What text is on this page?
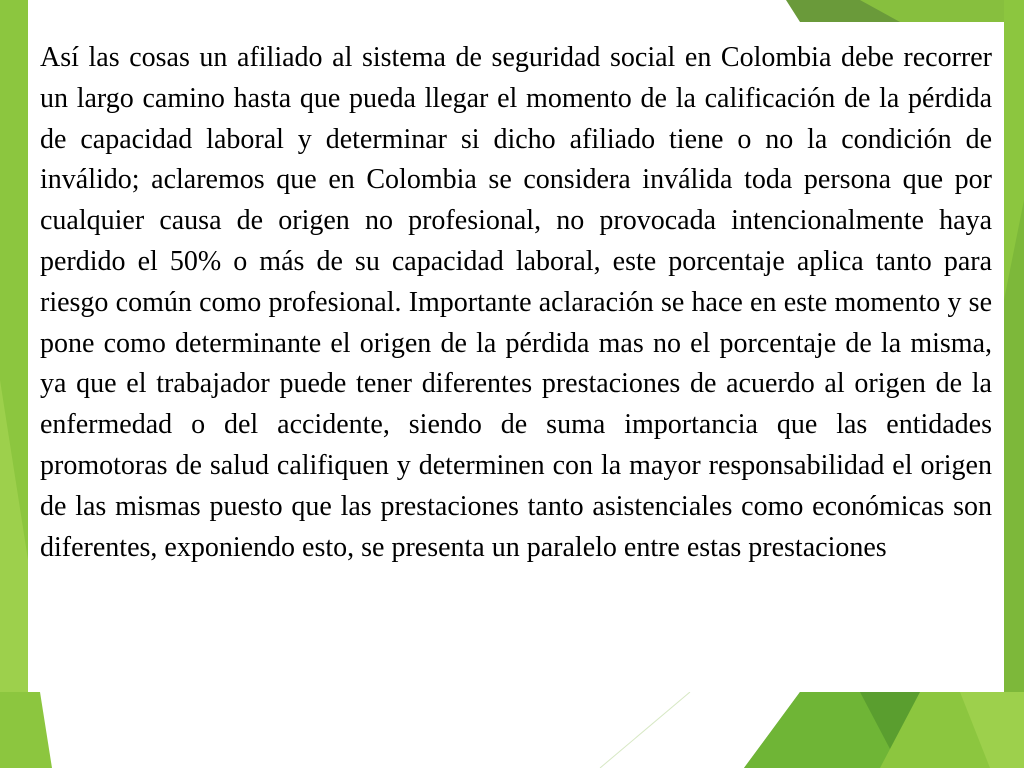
Así las cosas un afiliado al sistema de seguridad social en Colombia debe recorrer un largo camino hasta que pueda llegar el momento de la calificación de la pérdida de capacidad laboral y determinar si dicho afiliado tiene o no la condición de inválido; aclaremos que en Colombia se considera inválida toda persona que por cualquier causa de origen no profesional, no provocada intencionalmente haya perdido el 50% o más de su capacidad laboral, este porcentaje aplica tanto para riesgo común como profesional. Importante aclaración se hace en este momento y se pone como determinante el origen de la pérdida mas no el porcentaje de la misma, ya que el trabajador puede tener diferentes prestaciones de acuerdo al origen de la enfermedad o del accidente, siendo de suma importancia que las entidades promotoras de salud califiquen y determinen con la mayor responsabilidad el origen de las mismas puesto que las prestaciones tanto asistenciales como económicas son diferentes, exponiendo esto, se presenta un paralelo entre estas prestaciones
